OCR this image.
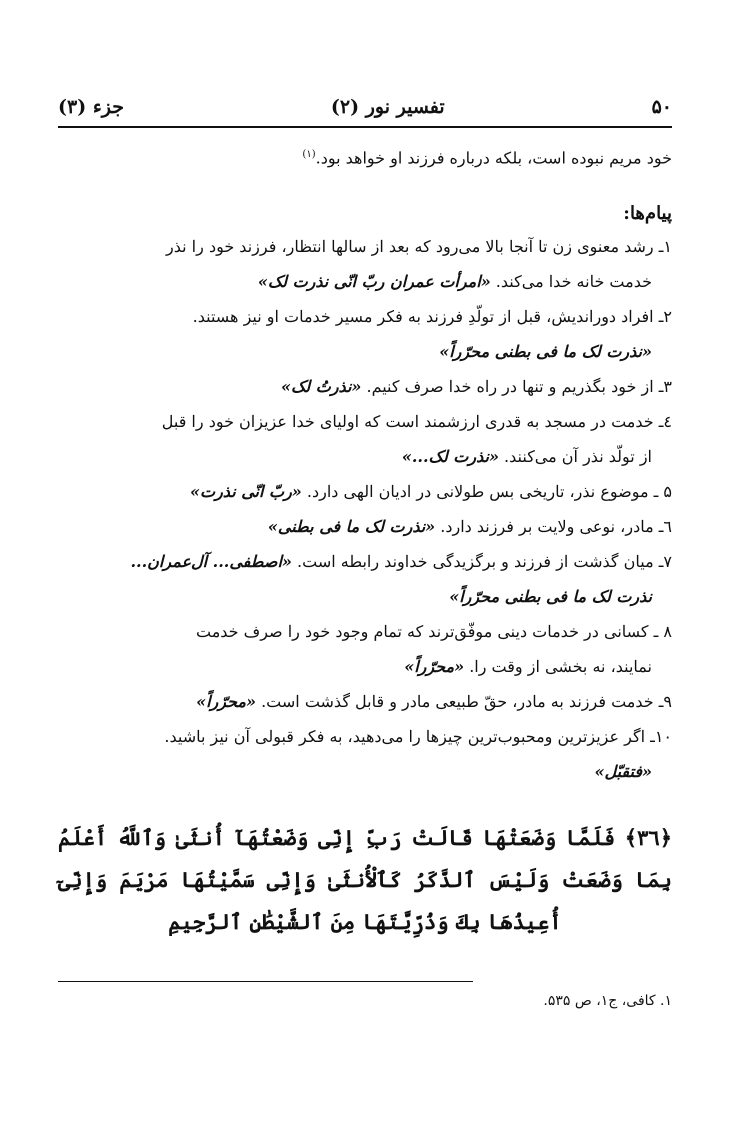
جزء (۳)	تفسیر نور (۲)	۵۰

خود مریم نبوده است، بلکه درباره فرزند او خواهد بود.$^{(۱)}$

پیام‌ها:

۱ـ رشد معنوی زن تا آنجا بالا می‌رود که بعد از سالها انتظار، فرزند خود را نذر
خدمت خانه خدا می‌کند. «امرأت عمران ربّ انّی نذرت لک»

۲ـ افراد دوراندیش، قبل از تولّدِ فرزند به فکر مسیر خدمات او نیز هستند.
«نذرت لک ما فی بطنی محرّراً»

۳ـ از خود بگذریم و تنها در راه خدا صرف کنیم. «نذرتُ لک»

٤ـ خدمت در مسجد به قدری ارزشمند است که اولیای خدا عزیزان خود را قبل
از تولّد نذر آن می‌کنند. «نذرت لک...»

۵ ـ موضوع نذر، تاریخی بس طولانی در ادیان الهی دارد. «ربّ انّی نذرت»

٦ـ مادر، نوعی ولایت بر فرزند دارد. «نذرت لک ما فی بطنی»

۷ـ میان گذشت از فرزند و برگزیدگی خداوند رابطه است. «اصطفی... آل‌عمران...
نذرت لک ما فی بطنی محرّراً»

۸ ـ کسانی در خدمات دینی موفّق‌ترند که تمام وجود خود را صرف خدمت
نمایند، نه بخشی از وقت را. «محرّراً»

۹ـ خدمت فرزند به مادر، حقّ طبیعی مادر و قابل گذشت است. «محرّراً»

۱۰ـ اگر عزیزترین ومحبوب‌ترین چیزها را می‌دهید، به فکر قبولی آن نیز باشید.
«فتقبّل»

﴿٣٦﴾ فَلَمَّا وَضَعَتْهَا قَالَتْ رَبِّ إِنِّی وَضَعْتُهَآ أُنثَیٰ وَٱللَّهُ أَعْلَمُ بِمَا وَضَعَتْ وَلَیْسَ ٱلذَّكَرُ كَٱلْأُنثَیٰ وَإِنِّی سَمَّیْتُهَا مَرْیَمَ وَإِنِّیٓ أُعِیذُهَا بِكَ وَذُرِّیَّتَهَا مِنَ ٱلشَّیْطَٰنِ ٱلرَّجِیمِ
۱. کافی، ج۱، ص ۵۳۵.
